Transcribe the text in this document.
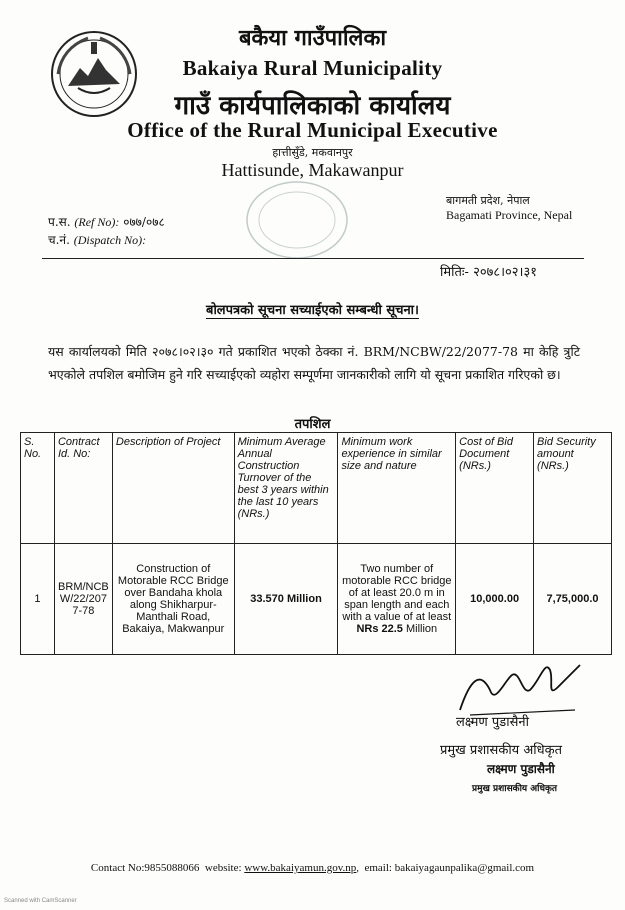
बकैया गाउँपालिका
Bakaiya Rural Municipality
गाउँ कार्यपालिकाको कार्यालय
Office of the Rural Municipal Executive
हात्तीसुँडे, मकवानपुर
Hattisunde, Makawanpur
बागमती प्रदेश, नेपाल
Bagamati Province, Nepal
प.स. (Ref No): ०७७/०७८
च.नं. (Dispatch No):
मितिः- २०७८।०२।३१
बोलपत्रको सूचना सच्याईएको सम्बन्धी सूचना।
यस कार्यालयको मिति २०७८।०२।३० गते प्रकाशित भएको ठेक्का नं. BRM/NCBW/22/2077-78 मा केहि त्रुटि भएकोले तपशिल बमोजिम हुने गरि सच्याईएको व्यहोरा सम्पूर्णमा जानकारीको लागि यो सूचना प्रकाशित गरिएको छ।
तपशिल
S. No.	Contract Id. No:	Description of Project	Minimum Average Annual Construction Turnover of the best 3 years within the last 10 years (NRs.)	Minimum work experience in similar size and nature	Cost of Bid Document (NRs.)	Bid Security amount (NRs.)
1	BRM/NCBW/22/2077-78	Construction of Motorable RCC Bridge over Bandaha khola along Shikharpur-Manthali Road, Bakaiya, Makwanpur	33.570 Million	Two number of motorable RCC bridge of at least 20.0 m in span length and each with a value of at least NRs 22.5 Million	10,000.00	7,75,000.0
लक्ष्मण पुडासैनी
प्रमुख प्रशासकीय अधिकृत
लक्ष्मण पुडासैनी
प्रमुख प्रशासकीय अधिकृत
Contact No:9855088066 website: www.bakaiyamun.gov.np,  email: bakaiyagaunpalika@gmail.com
Scanned with CamScanner
